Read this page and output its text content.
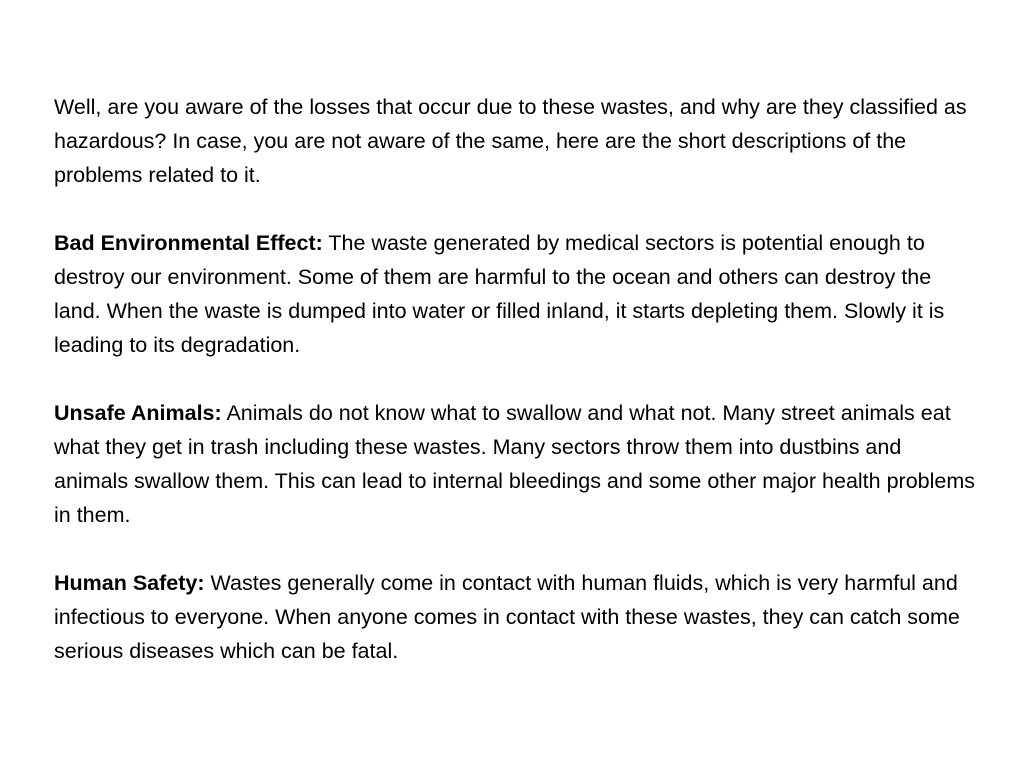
Well, are you aware of the losses that occur due to these wastes, and why are they classified as hazardous? In case, you are not aware of the same, here are the short descriptions of the problems related to it.

Bad Environmental Effect: The waste generated by medical sectors is potential enough to destroy our environment. Some of them are harmful to the ocean and others can destroy the land. When the waste is dumped into water or filled inland, it starts depleting them. Slowly it is leading to its degradation.

Unsafe Animals: Animals do not know what to swallow and what not. Many street animals eat what they get in trash including these wastes. Many sectors throw them into dustbins and animals swallow them. This can lead to internal bleedings and some other major health problems in them.

Human Safety: Wastes generally come in contact with human fluids, which is very harmful and infectious to everyone. When anyone comes in contact with these wastes, they can catch some serious diseases which can be fatal.
